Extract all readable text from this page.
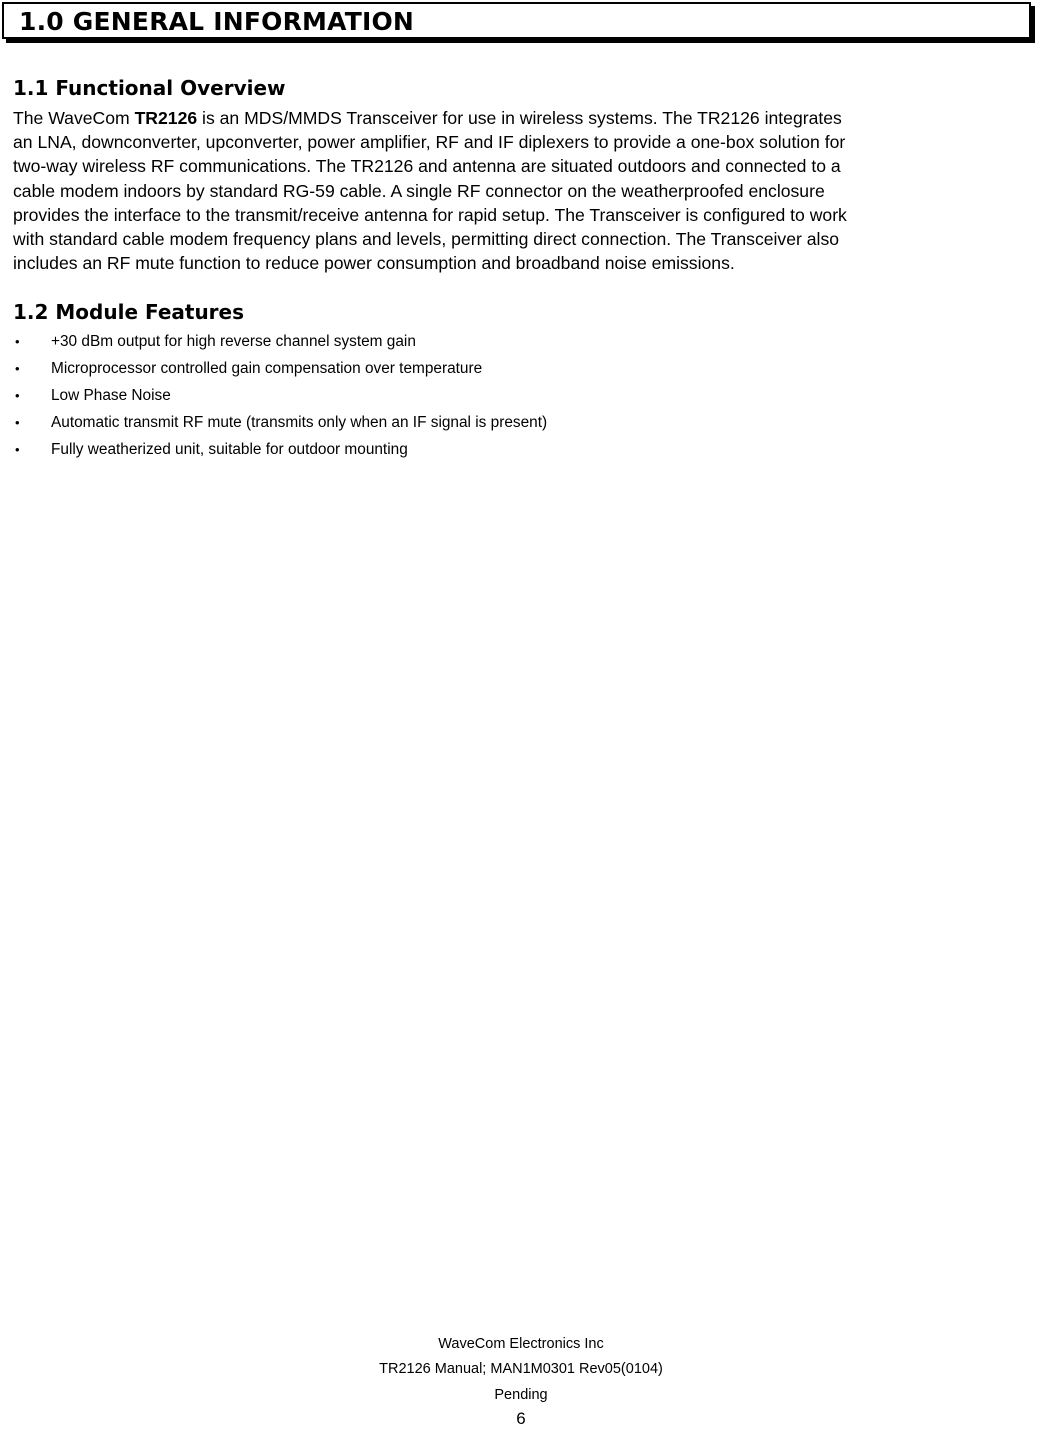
1.0 GENERAL INFORMATION
1.1 Functional Overview

The WaveCom TR2126 is an MDS/MMDS Transceiver for use in wireless systems. The TR2126 integrates
an LNA, downconverter, upconverter, power amplifier, RF and IF diplexers to provide a one-box solution for
two-way wireless RF communications. The TR2126 and antenna are situated outdoors and connected to a
cable modem indoors by standard RG-59 cable. A single RF connector on the weatherproofed enclosure
provides the interface to the transmit/receive antenna for rapid setup. The Transceiver is configured to work
with standard cable modem frequency plans and levels, permitting direct connection. The Transceiver also
includes an RF mute function to reduce power consumption and broadband noise emissions.

1.2 Module Features
•	+30 dBm output for high reverse channel system gain
•	Microprocessor controlled gain compensation over temperature
•	Low Phase Noise
•	Automatic transmit RF mute (transmits only when an IF signal is present)
•	Fully weatherized unit, suitable for outdoor mounting
WaveCom Electronics Inc
TR2126 Manual; MAN1M0301 Rev05(0104)
Pending
6
